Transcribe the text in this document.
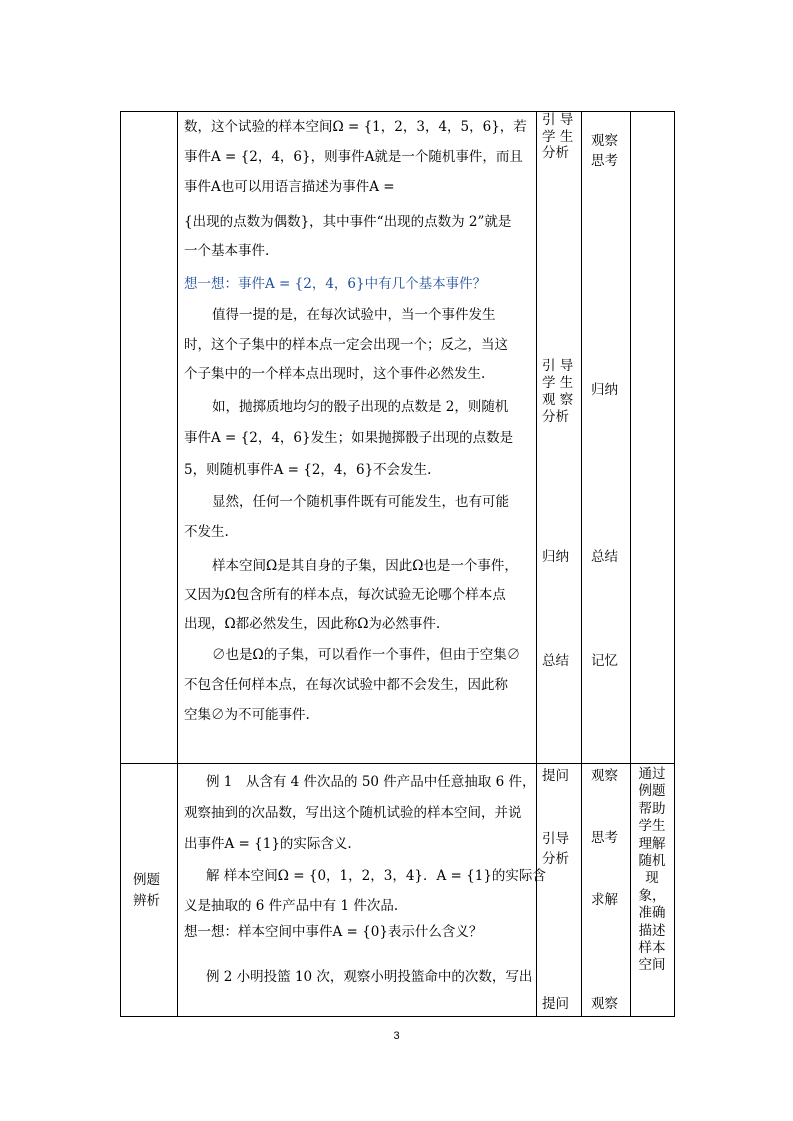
数，这个试验的样本空间Ω = {1，2，3，4，5，6}，若
事件A = {2，4，6}，则事件A就是一个随机事件，而且
事件A也可以用语言描述为事件A =
{出现的点数为偶数}，其中事件“出现的点数为 2”就是
一个基本事件.
想一想：事件A = {2，4，6}中有几个基本事件？
值得一提的是，在每次试验中，当一个事件发生
时，这个子集中的样本点一定会出现一个；反之，当这
个子集中的一个样本点出现时，这个事件必然发生.
如，抛掷质地均匀的骰子出现的点数是 2，则随机
事件A = {2，4，6}发生；如果抛掷骰子出现的点数是
5，则随机事件A = {2，4，6}不会发生.
显然，任何一个随机事件既有可能发生，也有可能
不发生.
样本空间Ω是其自身的子集，因此Ω也是一个事件，
又因为Ω包含所有的样本点，每次试验无论哪个样本点
出现，Ω都必然发生，因此称Ω为必然事件.
∅也是Ω的子集，可以看作一个事件，但由于空集∅
不包含任何样本点，在每次试验中都不会发生，因此称
空集∅为不可能事件.
引 导
学 生
分析
引 导
学 生
观 察
分析
归纳
总结
观察
思考
归纳
总结
记忆
例题
辨析
例 1　从含有 4 件次品的 50 件产品中任意抽取 6 件，
观察抽到的次品数，写出这个随机试验的样本空间，并说
出事件A = {1}的实际含义.
解 样本空间Ω = {0，1，2，3，4}．A = {1}的实际含
义是抽取的 6 件产品中有 1 件次品.
想一想：样本空间中事件A = {0}表示什么含义？
例 2 小明投篮 10 次，观察小明投篮命中的次数，写出
提问
引导
分析
提问
观察
思考
求解
观察
通过例题帮助学生理解随机现象，准确描述样本空间
3
